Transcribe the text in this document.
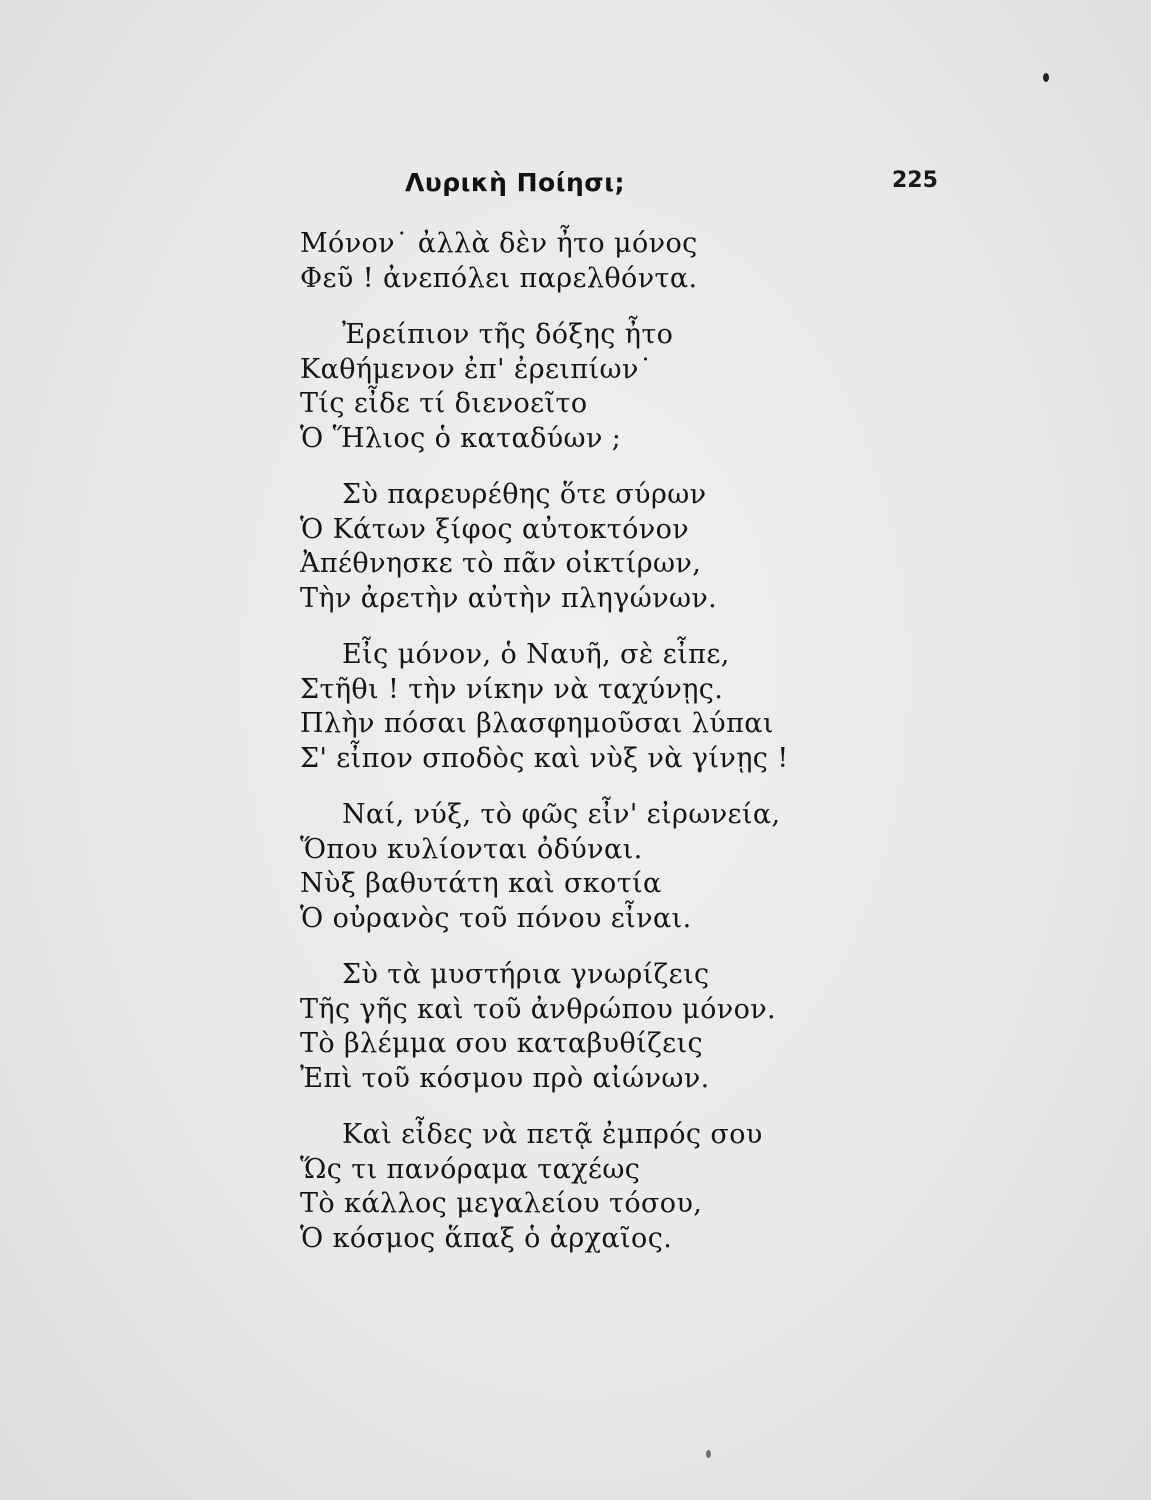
Λυρικὴ Ποίησι;	225
Μόνον˙ ἀλλὰ δὲν ἦτο μόνος
Φεῦ ! ἀνεπόλει παρελθόντα.
Ἐρείπιον τῆς δόξης ἦτο
Καθήμενον ἐπ' ἐρειπίων˙
Τίς εἶδε τί διενοεῖτο
Ὁ Ἥλιος ὁ καταδύων ;
Σὺ παρευρέθης ὅτε σύρων
Ὁ Κάτων ξίφος αὐτοκτόνον
Ἀπέθνησκε τὸ πᾶν οἰκτίρων,
Τὴν ἀρετὴν αὐτὴν πληγώνων.
Εἶς μόνον, ὁ Ναυῆ, σὲ εἶπε,
Στῆθι ! τὴν νίκην νὰ ταχύνῃς.
Πλὴν πόσαι βλασφημοῦσαι λύπαι
Σ' εἶπον σποδὸς καὶ νὺξ νὰ γίνῃς !
Ναί, νύξ, τὸ φῶς εἶν' εἰρωνεία,
Ὅπου κυλίονται ὀδύναι.
Νὺξ βαθυτάτη καὶ σκοτία
Ὁ οὐρανὸς τοῦ πόνου εἶναι.
Σὺ τὰ μυστήρια γνωρίζεις
Τῆς γῆς καὶ τοῦ ἀνθρώπου μόνον.
Τὸ βλέμμα σου καταβυθίζεις
Ἐπὶ τοῦ κόσμου πρὸ αἰώνων.
Καὶ εἶδες νὰ πετᾷ ἐμπρός σου
Ὥς τι πανόραμα ταχέως
Τὸ κάλλος μεγαλείου τόσου,
Ὁ κόσμος ἅπαξ ὁ ἀρχαῖος.
